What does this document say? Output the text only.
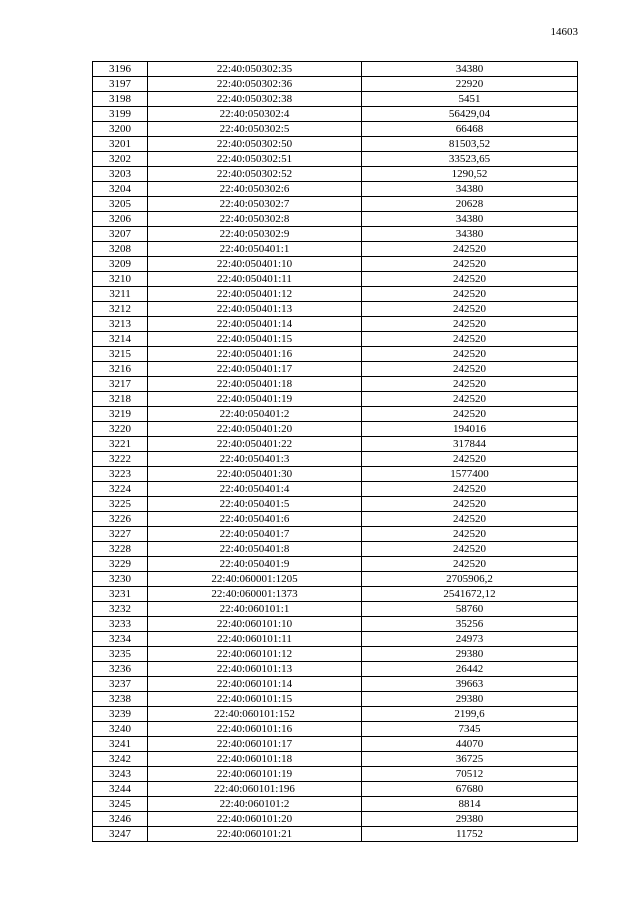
14603
3196	22:40:050302:35	34380
3197	22:40:050302:36	22920
3198	22:40:050302:38	5451
3199	22:40:050302:4	56429,04
3200	22:40:050302:5	66468
3201	22:40:050302:50	81503,52
3202	22:40:050302:51	33523,65
3203	22:40:050302:52	1290,52
3204	22:40:050302:6	34380
3205	22:40:050302:7	20628
3206	22:40:050302:8	34380
3207	22:40:050302:9	34380
3208	22:40:050401:1	242520
3209	22:40:050401:10	242520
3210	22:40:050401:11	242520
3211	22:40:050401:12	242520
3212	22:40:050401:13	242520
3213	22:40:050401:14	242520
3214	22:40:050401:15	242520
3215	22:40:050401:16	242520
3216	22:40:050401:17	242520
3217	22:40:050401:18	242520
3218	22:40:050401:19	242520
3219	22:40:050401:2	242520
3220	22:40:050401:20	194016
3221	22:40:050401:22	317844
3222	22:40:050401:3	242520
3223	22:40:050401:30	1577400
3224	22:40:050401:4	242520
3225	22:40:050401:5	242520
3226	22:40:050401:6	242520
3227	22:40:050401:7	242520
3228	22:40:050401:8	242520
3229	22:40:050401:9	242520
3230	22:40:060001:1205	2705906,2
3231	22:40:060001:1373	2541672,12
3232	22:40:060101:1	58760
3233	22:40:060101:10	35256
3234	22:40:060101:11	24973
3235	22:40:060101:12	29380
3236	22:40:060101:13	26442
3237	22:40:060101:14	39663
3238	22:40:060101:15	29380
3239	22:40:060101:152	2199,6
3240	22:40:060101:16	7345
3241	22:40:060101:17	44070
3242	22:40:060101:18	36725
3243	22:40:060101:19	70512
3244	22:40:060101:196	67680
3245	22:40:060101:2	8814
3246	22:40:060101:20	29380
3247	22:40:060101:21	11752
